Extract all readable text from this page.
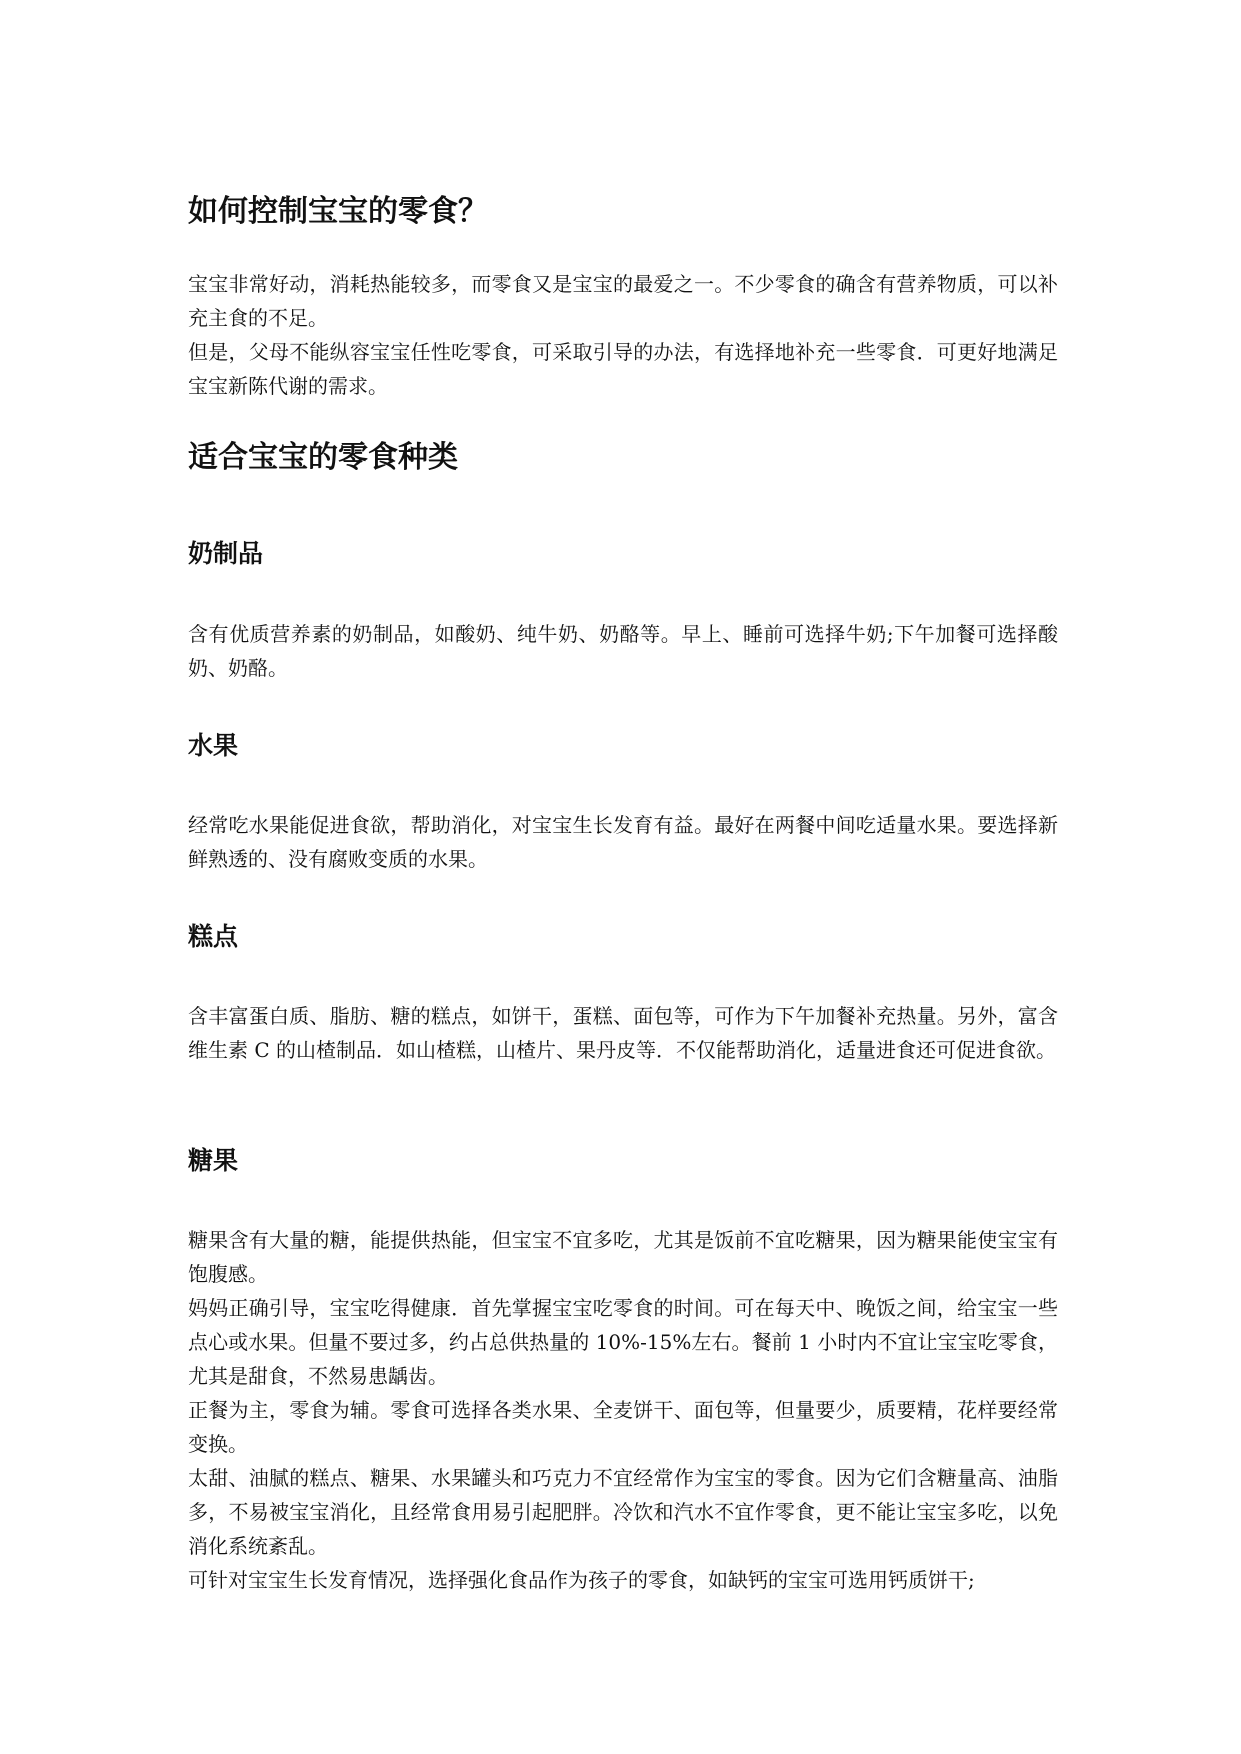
如何控制宝宝的零食？

宝宝非常好动，消耗热能较多，而零食又是宝宝的最爱之一。不少零食的确含有营养物质，可以补充主食的不足。

但是，父母不能纵容宝宝任性吃零食，可采取引导的办法，有选择地补充一些零食．可更好地满足宝宝新陈代谢的需求。

适合宝宝的零食种类
奶制品

含有优质营养素的奶制品，如酸奶、纯牛奶、奶酪等。早上、睡前可选择牛奶;下午加餐可选择酸奶、奶酪。

水果

经常吃水果能促进食欲，帮助消化，对宝宝生长发育有益。最好在两餐中间吃适量水果。要选择新鲜熟透的、没有腐败变质的水果。

糕点

含丰富蛋白质、脂肪、糖的糕点，如饼干，蛋糕、面包等，可作为下午加餐补充热量。另外，富含维生素 C 的山楂制品．如山楂糕，山楂片、果丹皮等．不仅能帮助消化，适量进食还可促进食欲。

糖果

糖果含有大量的糖，能提供热能，但宝宝不宜多吃，尤其是饭前不宜吃糖果，因为糖果能使宝宝有饱腹感。

妈妈正确引导，宝宝吃得健康．首先掌握宝宝吃零食的时间。可在每天中、晚饭之间，给宝宝一些点心或水果。但量不要过多，约占总供热量的 10%-15%左右。餐前 1 小时内不宜让宝宝吃零食，尤其是甜食，不然易患龋齿。

正餐为主，零食为辅。零食可选择各类水果、全麦饼干、面包等，但量要少，质要精，花样要经常变换。

太甜、油腻的糕点、糖果、水果罐头和巧克力不宜经常作为宝宝的零食。因为它们含糖量高、油脂多，不易被宝宝消化，且经常食用易引起肥胖。冷饮和汽水不宜作零食，更不能让宝宝多吃，以免消化系统紊乱。

可针对宝宝生长发育情况，选择强化食品作为孩子的零食，如缺钙的宝宝可选用钙质饼干;
